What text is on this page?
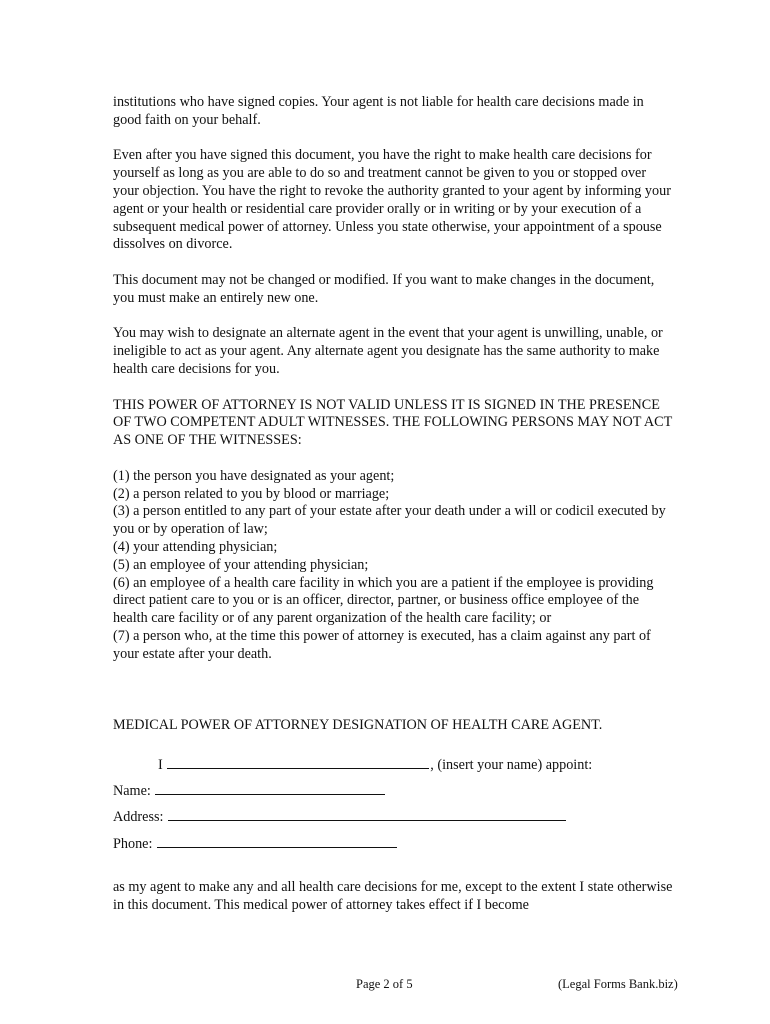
institutions who have signed copies. Your agent is not liable for health care decisions made in good faith on your behalf.

Even after you have signed this document, you have the right to make health care decisions for yourself as long as you are able to do so and treatment cannot be given to you or stopped over your objection. You have the right to revoke the authority granted to your agent by informing your agent or your health or residential care provider orally or in writing or by your execution of a subsequent medical power of attorney. Unless you state otherwise, your appointment of a spouse dissolves on divorce.

This document may not be changed or modified. If you want to make changes in the document, you must make an entirely new one.

You may wish to designate an alternate agent in the event that your agent is unwilling, unable, or ineligible to act as your agent. Any alternate agent you designate has the same authority to make health care decisions for you.

THIS POWER OF ATTORNEY IS NOT VALID UNLESS IT IS SIGNED IN THE PRESENCE OF TWO COMPETENT ADULT WITNESSES. THE FOLLOWING PERSONS MAY NOT ACT AS ONE OF THE WITNESSES:

(1) the person you have designated as your agent;
(2) a person related to you by blood or marriage;
(3) a person entitled to any part of your estate after your death under a will or codicil executed by you or by operation of law;
(4) your attending physician;
(5) an employee of your attending physician;
(6) an employee of a health care facility in which you are a patient if the employee is providing direct patient care to you or is an officer, director, partner, or business office employee of the health care facility or of any parent organization of the health care facility; or
(7) a person who, at the time this power of attorney is executed, has a claim against any part of your estate after your death.
MEDICAL POWER OF ATTORNEY DESIGNATION OF HEALTH CARE AGENT.
I	, (insert your name) appoint:
Name:
Address:
Phone:

as my agent to make any and all health care decisions for me, except to the extent I state otherwise in this document. This medical power of attorney takes effect if I become

Page 2 of 5	(Legal Forms Bank.biz)
